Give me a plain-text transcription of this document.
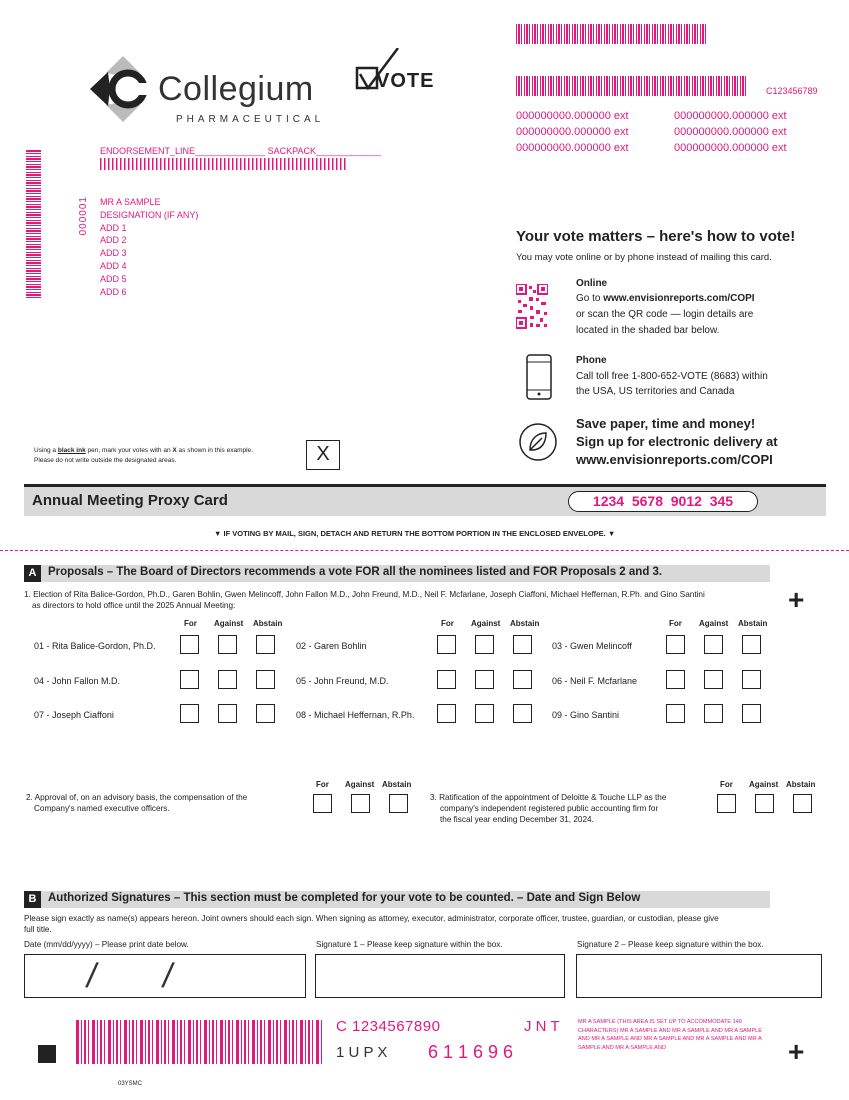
C123456789
000000000.000000 ext	000000000.000000 ext
000000000.000000 ext	000000000.000000 ext
000000000.000000 ext	000000000.000000 ext
Collegium
PHARMACEUTICAL
VOTE
ENDORSEMENT_LINE______________ SACKPACK_____________
000001 MR A SAMPLE
DESIGNATION (IF ANY)
ADD 1
ADD 2
ADD 3
ADD 4
ADD 5
ADD 6
Your vote matters – here's how to vote!
You may vote online or by phone instead of mailing this card.
Online
Go to www.envisionreports.com/COPI
or scan the QR code — login details are
located in the shaded bar below.
Phone
Call toll free 1-800-652-VOTE (8683) within
the USA, US territories and Canada
Save paper, time and money!
Sign up for electronic delivery at
www.envisionreports.com/COPI
Using a black ink pen, mark your votes with an X as shown in this example.
Please do not write outside the designated areas.	X
Annual Meeting Proxy Card	1234  5678  9012  345
▼ IF VOTING BY MAIL, SIGN, DETACH AND RETURN THE BOTTOM PORTION IN THE ENCLOSED ENVELOPE. ▼
A	Proposals – The Board of Directors recommends a vote FOR all the nominees listed and FOR Proposals 2 and 3.
1. Election of Rita Balice-Gordon, Ph.D., Garen Bohlin, Gwen Melincoff, John Fallon M.D., John Freund, M.D., Neil F. Mcfarlane, Joseph Ciaffoni, Michael Heffernan, R.Ph. and Gino Santini
as directors to hold office until the 2025 Annual Meeting:	+
For Against Abstain	For Against Abstain	For Against Abstain
01 - Rita Balice-Gordon, Ph.D.	02 - Garen Bohlin	03 - Gwen Melincoff
04 - John Fallon M.D.	05 - John Freund, M.D.	06 - Neil F. Mcfarlane
07 - Joseph Ciaffoni	08 - Michael Heffernan, R.Ph.	09 - Gino Santini
2. Approval of, on an advisory basis, the compensation of the
Company's named executive officers.
For Against Abstain
3. Ratification of the appointment of Deloitte & Touche LLP as the
company's independent registered public accounting firm for
the fiscal year ending December 31, 2024.
For Against Abstain
B	Authorized Signatures – This section must be completed for your vote to be counted. – Date and Sign Below
Please sign exactly as name(s) appears hereon. Joint owners should each sign. When signing as attorney, executor, administrator, corporate officer, trustee, guardian, or custodian, please give
full title.
Date (mm/dd/yyyy) – Please print date below.	Signature 1 – Please keep signature within the box.	Signature 2 – Please keep signature within the box.
/ /
C 1234567890	J N T
1 U P X 6 1 1 6 9 6
MR A SAMPLE (THIS AREA IS SET UP TO ACCOMMODATE 140 CHARACTERS) MR A SAMPLE AND MR A SAMPLE AND MR A SAMPLE AND MR A SAMPLE AND MR A SAMPLE AND MR A SAMPLE AND MR A SAMPLE AND MR A SAMPLE AND	+
03YSMC
